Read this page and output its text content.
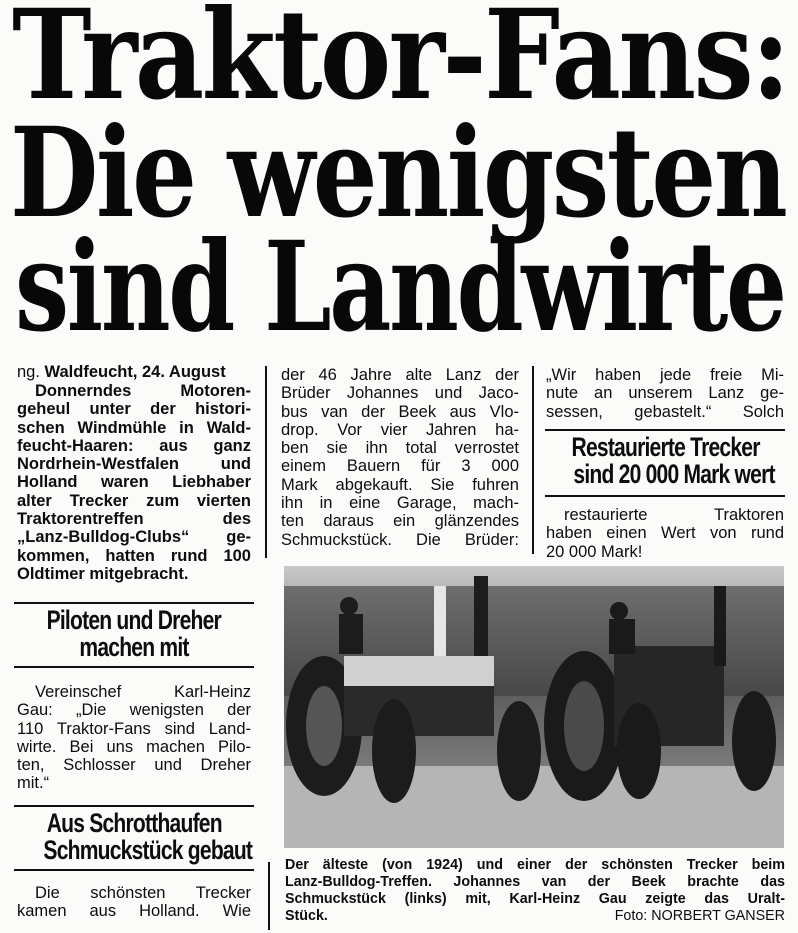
Traktor-Fans:
Die wenigsten
sind Landwirte
ng. Waldfeucht, 24. August
Donnerndes Motoren-
geheul unter der histori-
schen Windmühle in Wald-
feucht-Haaren: aus ganz
Nordrhein-Westfalen und
Holland waren Liebhaber
alter Trecker zum vierten
Traktorentreffen des
„Lanz-Bulldog-Clubs“ ge-
kommen, hatten rund 100
Oldtimer mitgebracht.
Piloten und Dreher
machen mit
Vereinschef Karl-Heinz
Gau: „Die wenigsten der
110 Traktor-Fans sind Land-
wirte. Bei uns machen Pilo-
ten, Schlosser und Dreher
mit.“
Aus Schrotthaufen
Schmuckstück gebaut
Die schönsten Trecker
kamen aus Holland. Wie
der 46 Jahre alte Lanz der
Brüder Johannes und Jaco-
bus van der Beek aus Vlo-
drop. Vor vier Jahren ha-
ben sie ihn total verrostet
einem Bauern für 3 000
Mark abgekauft. Sie fuhren
ihn in eine Garage, mach-
ten daraus ein glänzendes
Schmuckstück. Die Brüder:
„Wir haben jede freie Mi-
nute an unserem Lanz ge-
sessen, gebastelt.“ Solch
Restaurierte Trecker
sind 20 000 Mark wert
restaurierte Traktoren
haben einen Wert von rund
20 000 Mark!
Der älteste (von 1924) und einer der schönsten Trecker beim
Lanz-Bulldog-Treffen. Johannes van der Beek brachte das
Schmuckstück (links) mit, Karl-Heinz Gau zeigte das Uralt-
Stück.	Foto: NORBERT GANSER
